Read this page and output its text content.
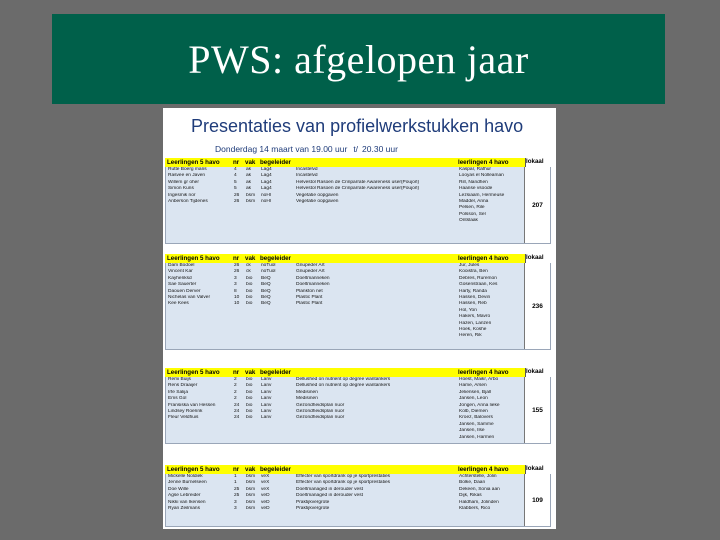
PWS: afgelopen jaar
Presentaties van profielwerkstukken havo
Donderdag 14 maart van 19.00 uur t/ 20.30 uur
Leerlingen 5 havo	nr vak begeleider	leerlingen 4 havo	lokaal
Rutte Boerg mans	4	ak	Lag4	Incastelvd	Kaspar, Rafhur
Rasvee en Javen	4	ak	Lag4	Incastelvd	Looyas el Nolleaman
Willem gr oher	5	ak	Lag4	Helvestol Rasoen de Crinparrate Awareness user(Poujorl)	Rill, Nandhen
Simon Kuns	5	ak	Lag4	Helvestol Rasoen de Crinparrate Awareness user(Poujorl)	Haanse vsoode
Ingesmik nor	26	bsm	noHl	Vegetatie oopgaven	Lezsiaam, Hermeuse
Anberson Tijdenes	26	bsm	noHl	Vegetatie oopgaven	Maddel, Anna
Pelsen, Rile
Polsson, Sel
Ontslaak
207
Leerlingen 5 havo	nr vak begeleider	leerlingen 4 havo	lokaal
Dam Bodoel	26	ck	noTuol	Gnupeder Art	Jur, Jules
Vincent Kar	26	ck	noTuol	Gnupeder Art	Kooistra, Ben
Kayheriksd	3	bio	BeQ	Doeltmanneken	Debres, Ruremon
Sae Sauerter	3	bio	BeQ	Doeltmanneken	Gosenstraan, Kes
Daouen Derver	8	bio	BeQ	Plankton net	Harty, Randa
Nichelas van Valver	10	bio	BeQ	Plastic Plant	Hassen, Devin
Kee Kees	10	bio	BeQ	Plastic Plant	Hassen, Reb
Hol, Yon
Hakers, Mavro
Hazen, Lanzen
Hoek, Koshe
Heren, Rik
236
Leerlingen 5 havo	nr vak begeleider	leerlingen 4 havo	lokaal
Remi Buijs	2	bio	Lanv	Dellushed on nutrient op degree wantankers	Hoest, Maikr, Arbo
Rens Draaijer	2	bio	Lanv	Dellushed on nutrient op degree wantankers	Hame, Arsen
Irfe Salija	2	bio	Lanv	Medisinen	Jeliensen, Bjall
Ems Gol	2	bio	Lanv	Medisinen	Jansen, Leon
Fransiska van Hessen	24	bio	Lanv	Gezondheidsplan nuor	Jongen, Anna lieke
Lindsey Roerink	24	bio	Lanv	Gezondheidsplan nuor	Kolb, Diemen
Fleur Veldhuis	24	bio	Lanv	Gezondheidsplan nuor	Kroez, Balovers
Jansen, Samme
Jansen, Ilse
Jansen, Harmen
155
Leerlingen 5 havo	nr vak begeleider	leerlingen 4 havo	lokaal
Mickelle Noldiek	1	bsm	veX	Effecter van sportdrank op je sportprestaties	Achterstelle, Jolin
Jenne Burnelseen	1	bsm	veX	Effecter van sportdrank op je sportprestaties	Bolke, Daan
Doe Wille	25	bsm	veX	Doeltmanaged in derouder vest	Dekeen, Sonia aan
Agse Lebreider	25	bsm	veD	Doeltmanaged in derouder vest	Dijk, Rikas
Nikki van Ikensen	3	bsm	veD	Praktijkvergrote	Haldham, Jolinden
Ryan Zeilmans	3	bsm	veD	Praktijkvergrote	Klabbers, Rico
109
